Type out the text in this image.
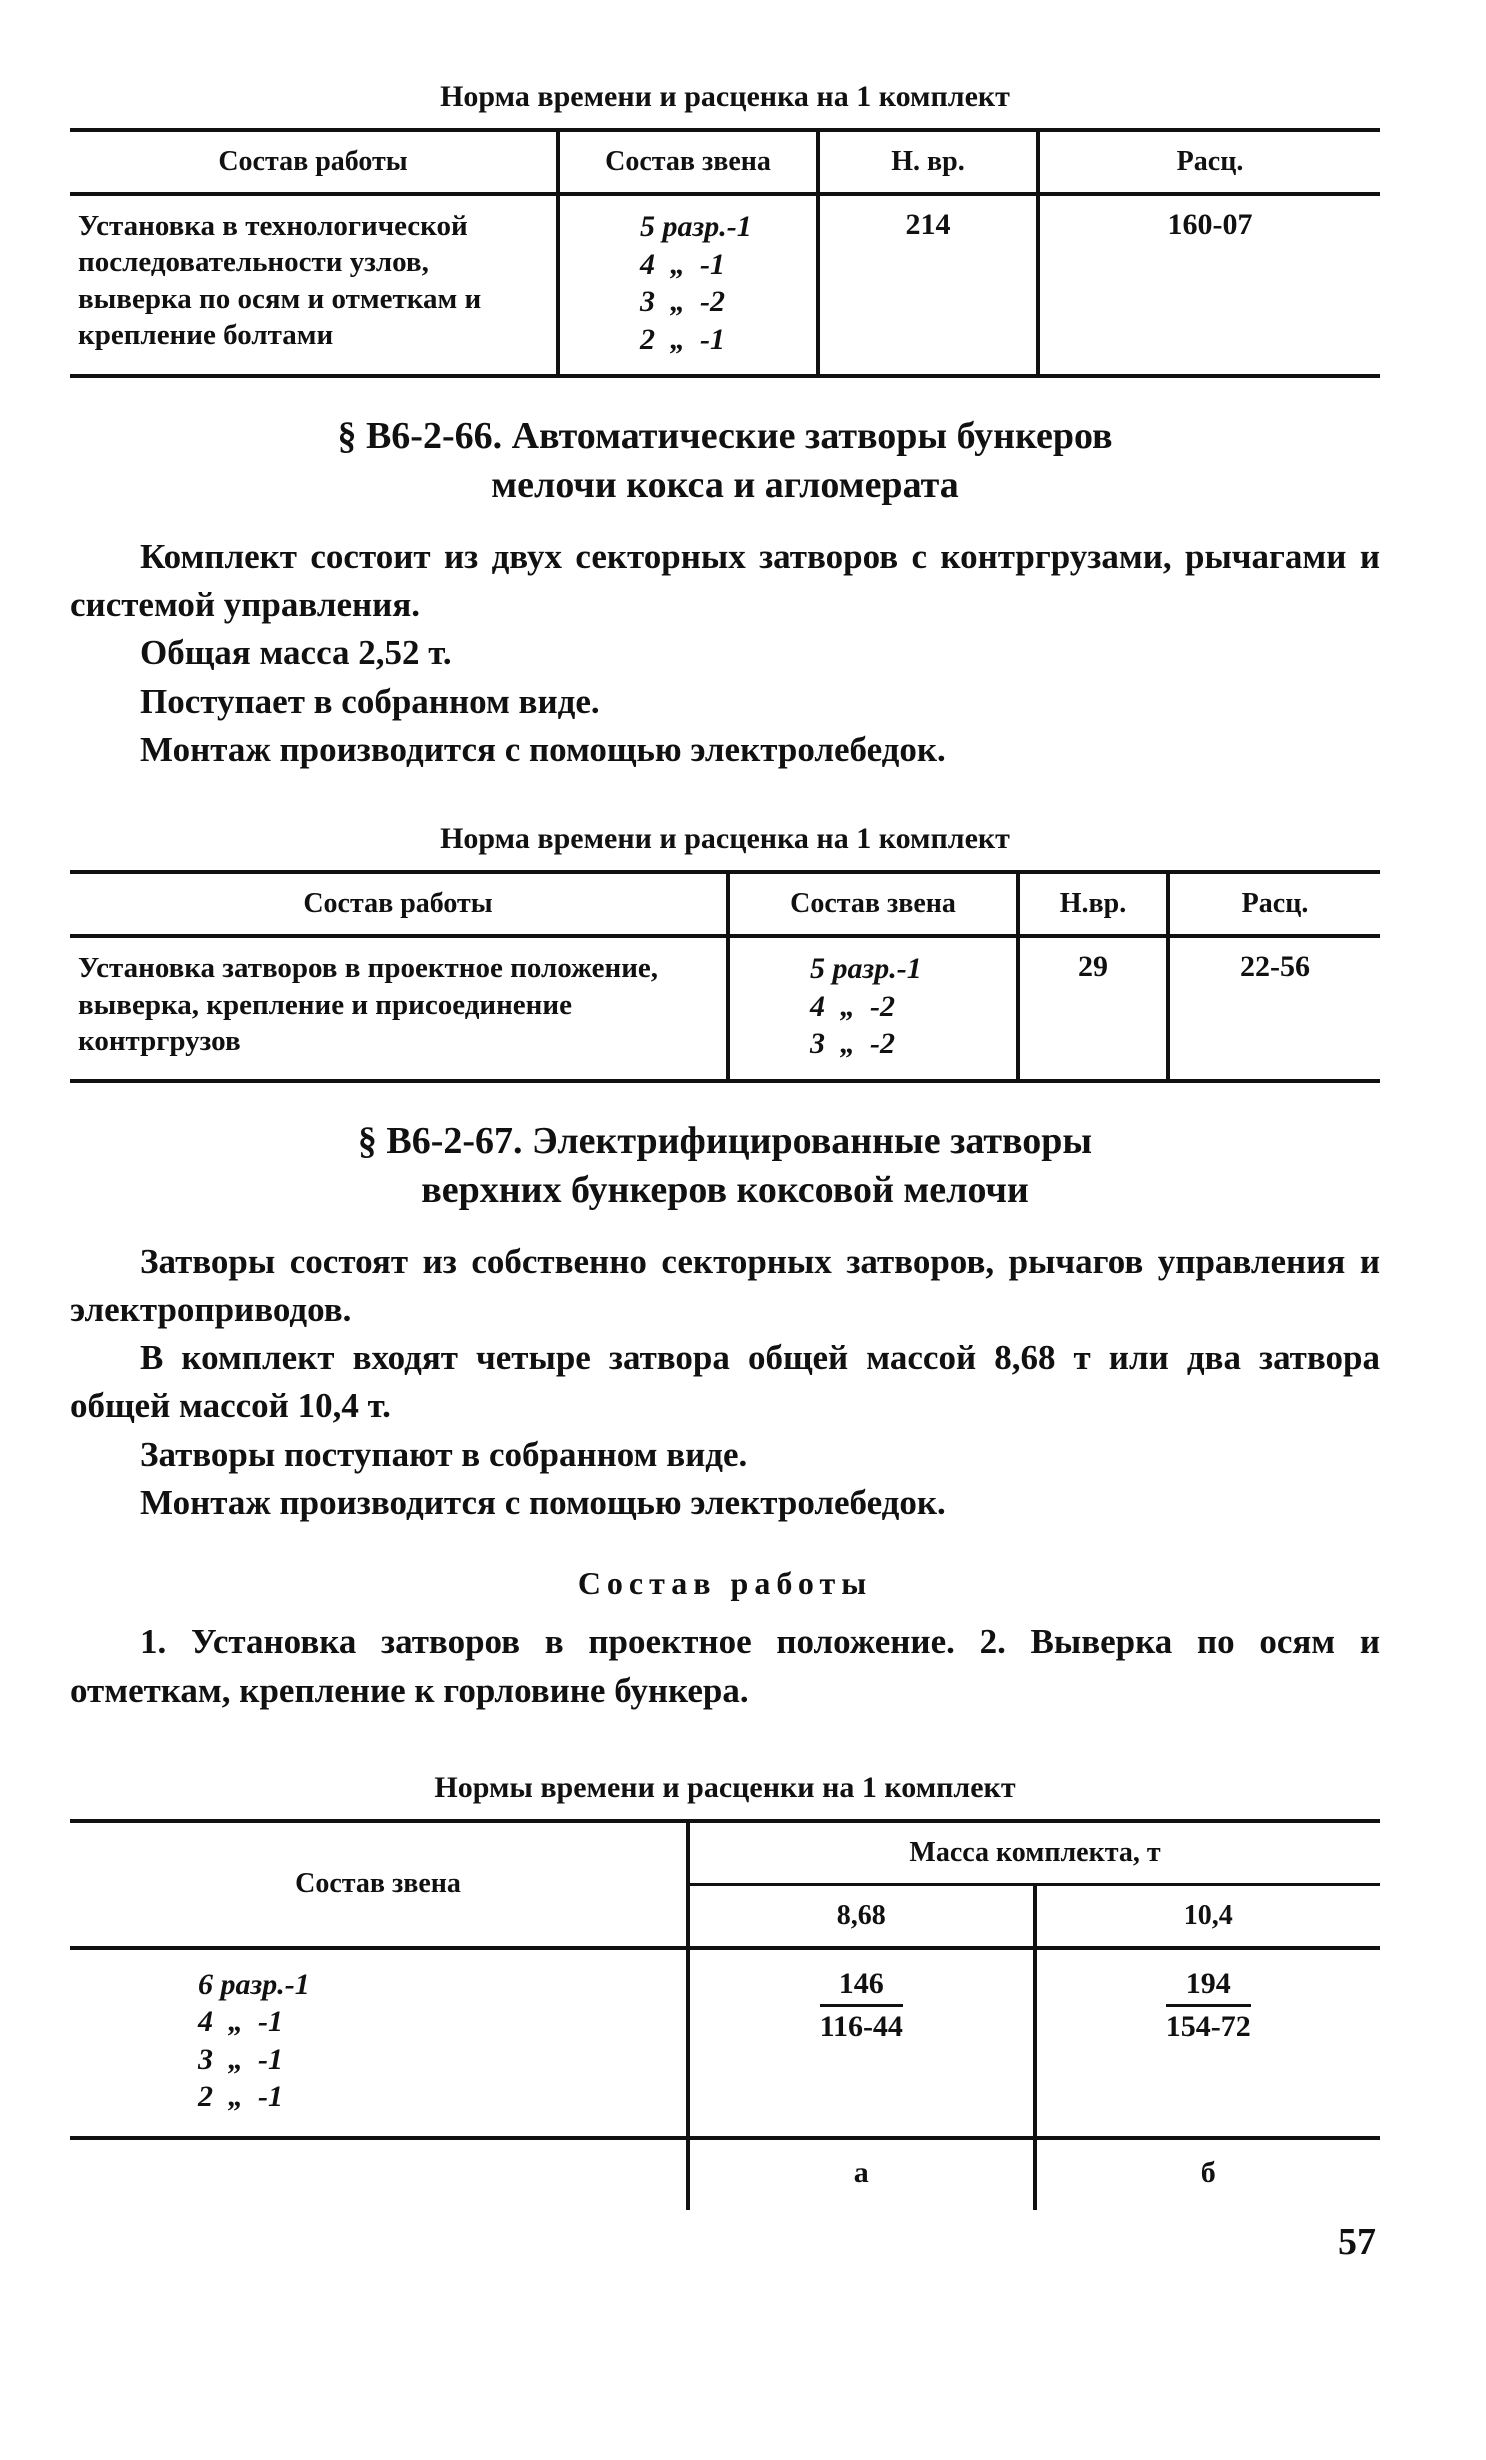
Норма времени и расценка на 1 комплект
Состав работы	Состав звена	Н. вр.	Расц.
Установка в технологической последовательности узлов, выверка по осям и отметкам и крепление болтами	5 разр.-1
4  „  -1
3  „  -2
2  „  -1	214	160-07
§ В6-2-66. Автоматические затворы бункеров
мелочи кокса и агломерата

Комплект состоит из двух секторных затворов с контргрузами, рычагами и системой управления.

Общая масса 2,52 т.

Поступает в собранном виде.

Монтаж производится с помощью электролебедок.

Норма времени и расценка на 1 комплект
Состав работы	Состав звена	Н.вр.	Расц.
Установка затворов в проектное положение, выверка, крепление и присоединение контргрузов	5 разр.-1
4  „  -2
3  „  -2	29	22-56
§ В6-2-67. Электрифицированные затворы
верхних бункеров коксовой мелочи

Затворы состоят из собственно секторных затворов, рычагов управления и электроприводов.

В комплект входят четыре затвора общей массой 8,68 т или два затвора общей массой 10,4 т.

Затворы поступают в собранном виде.

Монтаж производится с помощью электролебедок.

Состав работы

1. Установка затворов в проектное положение. 2. Выверка по осям и отметкам, крепление к горловине бункера.

Нормы времени и расценки на 1 комплект
Состав звена	Масса комплекта, т	
	8,68	10,4

6 разр.-1
4  „  -1
3  „  -1
2  „  -1	$\frac{146}{116-44}$	$\frac{194}{154-72}$

	а	б
57
